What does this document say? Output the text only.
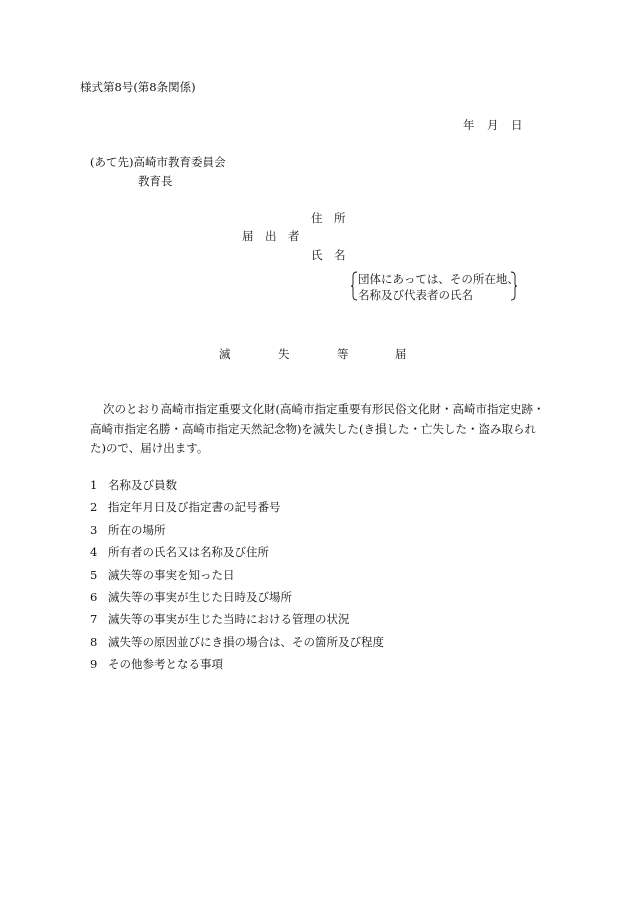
様式第8号(第8条関係)
年 月 日
(あて先)高崎市教育委員会
教育長
住　所
届　出　者
氏　名
団体にあっては、その所在地、
名称及び代表者の氏名
滅	失	等	届
次のとおり高崎市指定重要文化財(高崎市指定重要有形民俗文化財・高崎市指定史跡・
高崎市指定名勝・高崎市指定天然記念物)を滅失した(き損した・亡失した・盗み取られ
た)ので、届け出ます。
1 名称及び員数
2 指定年月日及び指定書の記号番号
3 所在の場所
4 所有者の氏名又は名称及び住所
5 滅失等の事実を知った日
6 滅失等の事実が生じた日時及び場所
7 滅失等の事実が生じた当時における管理の状況
8 滅失等の原因並びにき損の場合は、その箇所及び程度
9 その他参考となる事項
